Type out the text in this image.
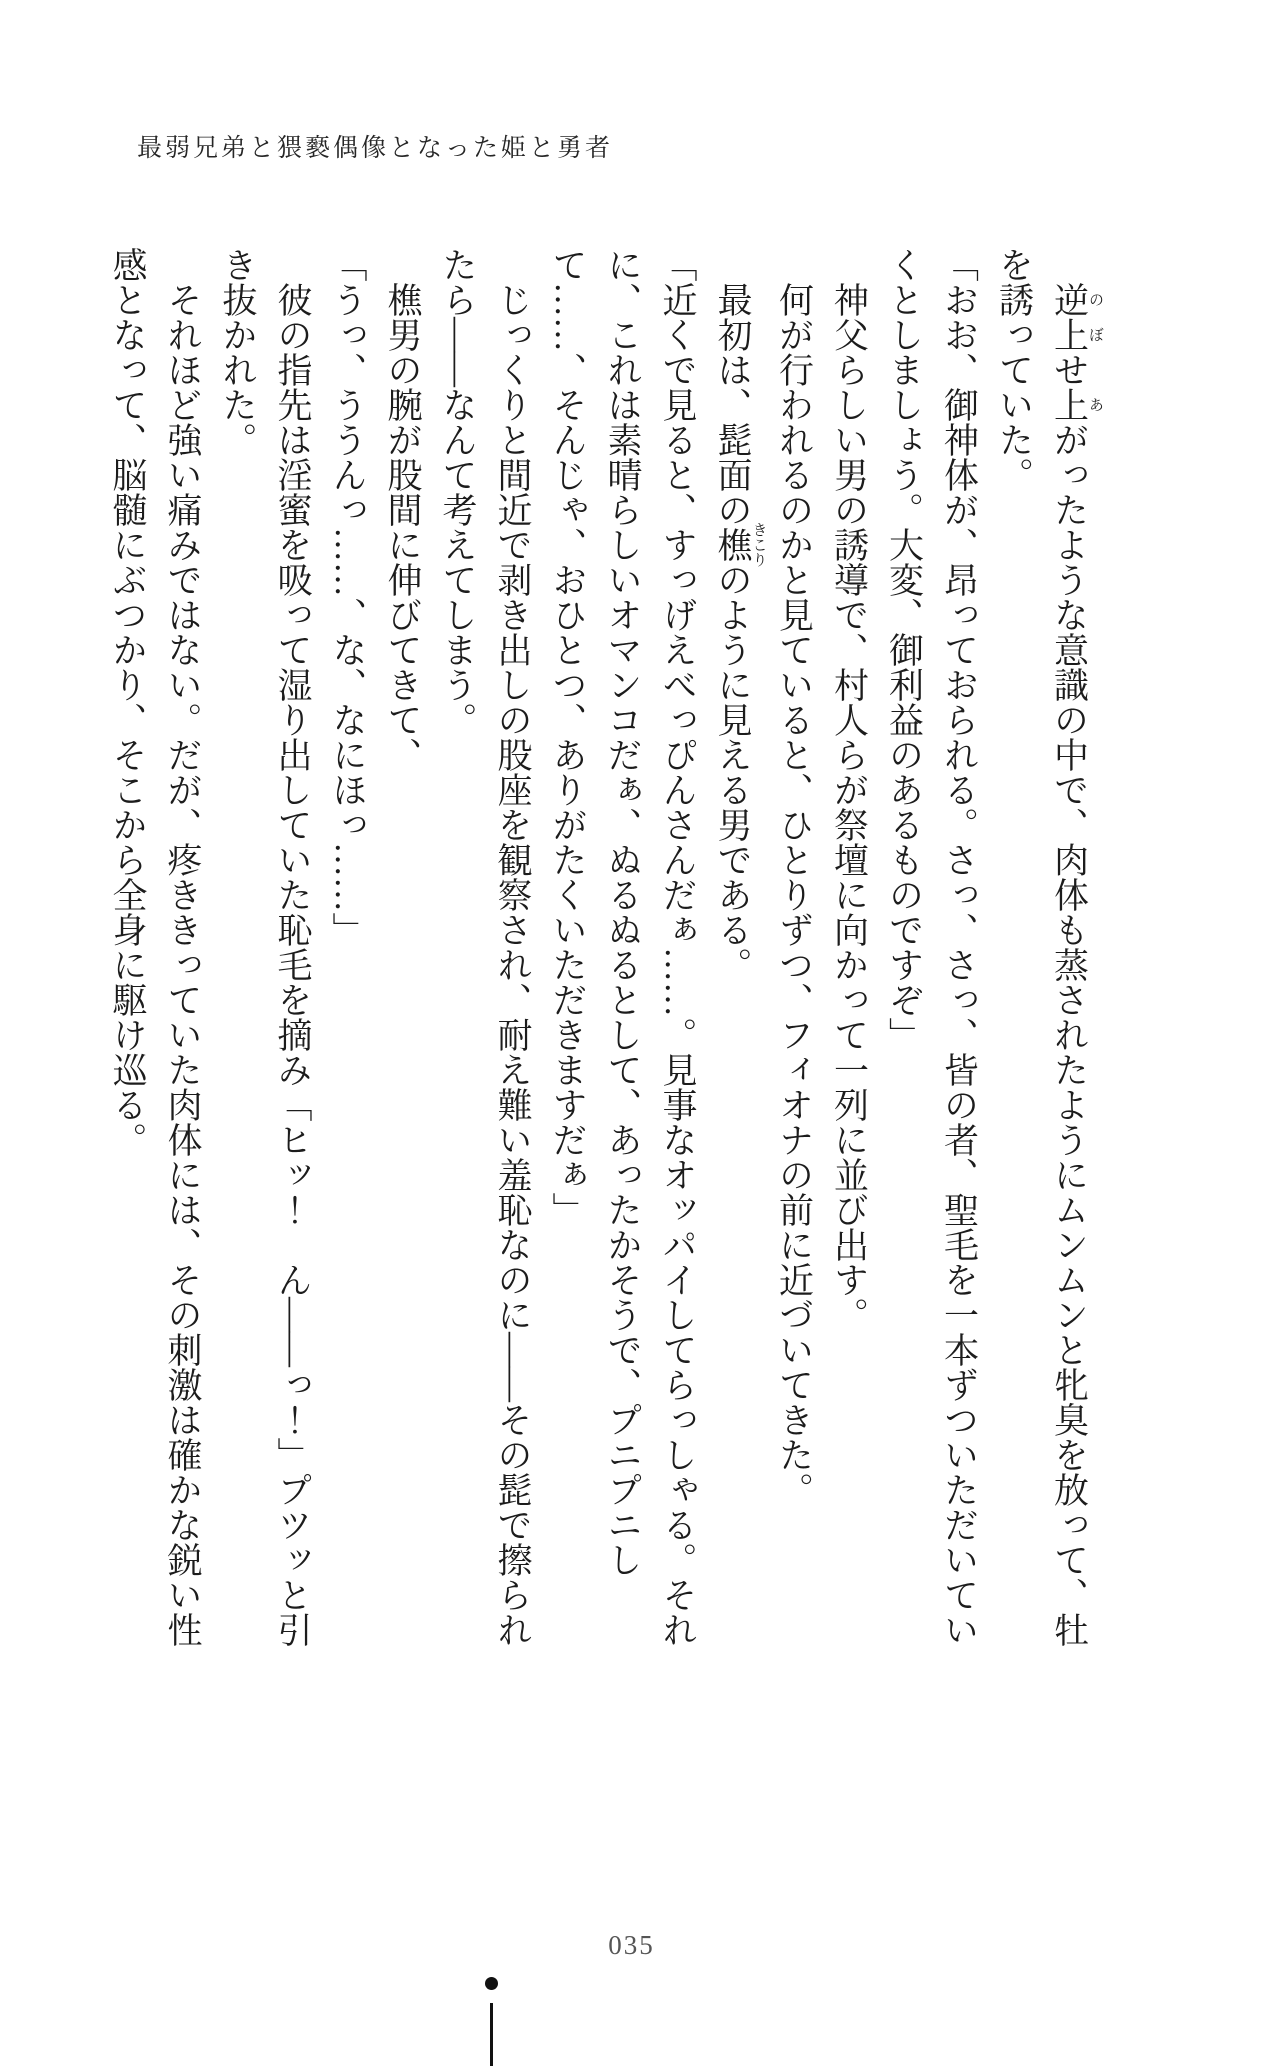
最弱兄弟と猥褻偶像となった姫と勇者

逆上のぼせ上あがったような意識の中で、肉体も蒸されたようにムンムンと牝臭を放って、牡を誘っていた。

「おお、御神体が、昂っておられる。さっ、さっ、皆の者、聖毛を一本ずついただいていくとしましょう。大変、御利益のあるものですぞ」

神父らしい男の誘導で、村人らが祭壇に向かって一列に並び出す。

何が行われるのかと見ていると、ひとりずつ、フィオナの前に近づいてきた。

最初は、髭面の樵きこりのように見える男である。

「近くで見ると、すっげえべっぴんさんだぁ……。見事なオッパイしてらっしゃる。それに、これは素晴らしいオマンコだぁ、ぬるぬるとして、あったかそうで、プニプニして……、そんじゃ、おひとつ、ありがたくいただきますだぁ」

じっくりと間近で剥き出しの股座を観察され、耐え難い羞恥なのに――その髭で擦られたら――なんて考えてしまう。

樵男の腕が股間に伸びてきて、

「うっ、ううんっ……、な、なにほっ……」

彼の指先は淫蜜を吸って湿り出していた恥毛を摘み「ヒッ！　ん――っ！」プツッと引き抜かれた。

それほど強い痛みではない。だが、疼ききっていた肉体には、その刺激は確かな鋭い性感となって、脳髄にぶつかり、そこから全身に駆け巡る。

035
